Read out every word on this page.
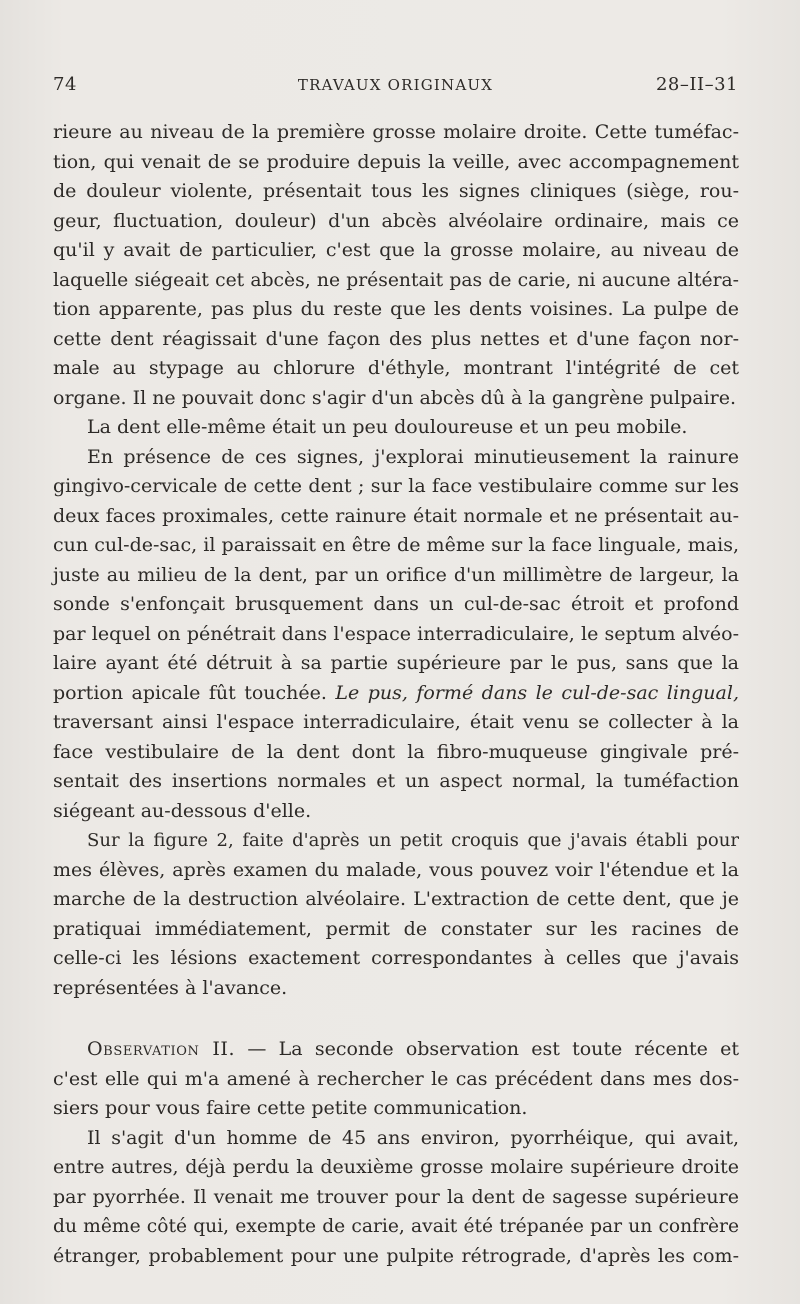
74	TRAVAUX ORIGINAUX	28–II–31

rieure au niveau de la première grosse molaire droite. Cette tuméfac-
tion, qui venait de se produire depuis la veille, avec accompagnement
de douleur violente, présentait tous les signes cliniques (siège, rou-
geur, fluctuation, douleur) d'un abcès alvéolaire ordinaire, mais ce
qu'il y avait de particulier, c'est que la grosse molaire, au niveau de
laquelle siégeait cet abcès, ne présentait pas de carie, ni aucune altéra-
tion apparente, pas plus du reste que les dents voisines. La pulpe de
cette dent réagissait d'une façon des plus nettes et d'une façon nor-
male au stypage au chlorure d'éthyle, montrant l'intégrité de cet
organe. Il ne pouvait donc s'agir d'un abcès dû à la gangrène pulpaire.

La dent elle-même était un peu douloureuse et un peu mobile.

En présence de ces signes, j'explorai minutieusement la rainure
gingivo-cervicale de cette dent ; sur la face vestibulaire comme sur les
deux faces proximales, cette rainure était normale et ne présentait au-
cun cul-de-sac, il paraissait en être de même sur la face linguale, mais,
juste au milieu de la dent, par un orifice d'un millimètre de largeur, la
sonde s'enfonçait brusquement dans un cul-de-sac étroit et profond
par lequel on pénétrait dans l'espace interradiculaire, le septum alvéo-
laire ayant été détruit à sa partie supérieure par le pus, sans que la
portion apicale fût touchée. Le pus, formé dans le cul-de-sac lingual,
traversant ainsi l'espace interradiculaire, était venu se collecter à la
face vestibulaire de la dent dont la fibro-muqueuse gingivale pré-
sentait des insertions normales et un aspect normal, la tuméfaction
siégeant au-dessous d'elle.

Sur la figure 2, faite d'après un petit croquis que j'avais établi pour
mes élèves, après examen du malade, vous pouvez voir l'étendue et la
marche de la destruction alvéolaire. L'extraction de cette dent, que je
pratiquai immédiatement, permit de constater sur les racines de
celle-ci les lésions exactement correspondantes à celles que j'avais
représentées à l'avance.

Observation II. — La seconde observation est toute récente et
c'est elle qui m'a amené à rechercher le cas précédent dans mes dos-
siers pour vous faire cette petite communication.

Il s'agit d'un homme de 45 ans environ, pyorrhéique, qui avait,
entre autres, déjà perdu la deuxième grosse molaire supérieure droite
par pyorrhée. Il venait me trouver pour la dent de sagesse supérieure
du même côté qui, exempte de carie, avait été trépanée par un confrère
étranger, probablement pour une pulpite rétrograde, d'après les com-
